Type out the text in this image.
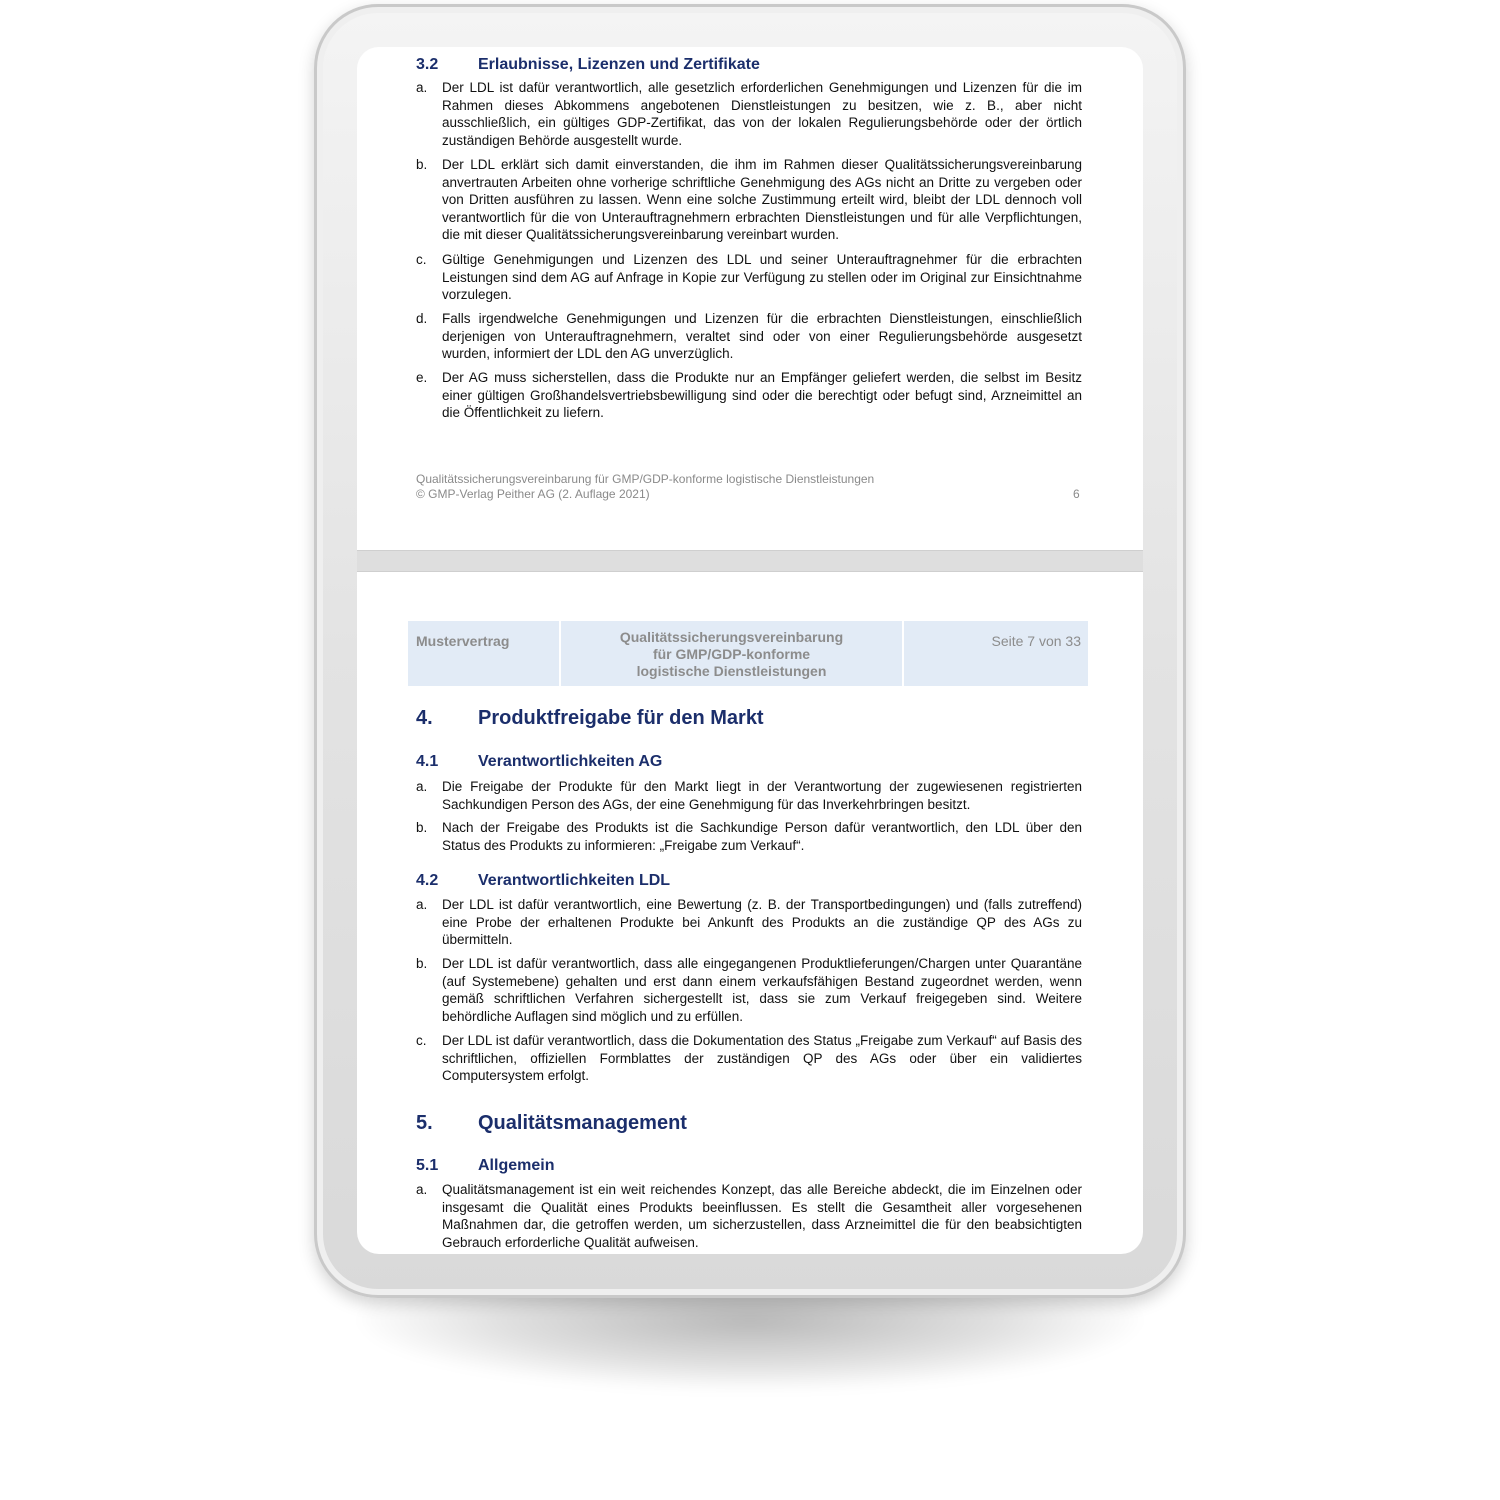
3.2 Erlaubnisse, Lizenzen und Zertifikate
a. Der LDL ist dafür verantwortlich, alle gesetzlich erforderlichen Genehmigungen und Lizenzen für die im Rahmen dieses Abkommens angebotenen Dienstleistungen zu besitzen, wie z. B., aber nicht ausschließlich, ein gültiges GDP-Zertifikat, das von der lokalen Regulierungsbehörde oder der örtlich zuständigen Behörde ausgestellt wurde.
b. Der LDL erklärt sich damit einverstanden, die ihm im Rahmen dieser Qualitätssicherungsvereinbarung anvertrauten Arbeiten ohne vorherige schriftliche Genehmigung des AGs nicht an Dritte zu vergeben oder von Dritten ausführen zu lassen. Wenn eine solche Zustimmung erteilt wird, bleibt der LDL dennoch voll verantwortlich für die von Unterauftragnehmern erbrachten Dienstleistungen und für alle Verpflichtungen, die mit dieser Qualitätssicherungsvereinbarung vereinbart wurden.
c. Gültige Genehmigungen und Lizenzen des LDL und seiner Unterauftragnehmer für die erbrachten Leistungen sind dem AG auf Anfrage in Kopie zur Verfügung zu stellen oder im Original zur Einsichtnahme vorzulegen.
d. Falls irgendwelche Genehmigungen und Lizenzen für die erbrachten Dienstleistungen, einschließlich derjenigen von Unterauftragnehmern, veraltet sind oder von einer Regulierungsbehörde ausgesetzt wurden, informiert der LDL den AG unverzüglich.
e. Der AG muss sicherstellen, dass die Produkte nur an Empfänger geliefert werden, die selbst im Besitz einer gültigen Großhandelsvertriebsbewilligung sind oder die berechtigt oder befugt sind, Arzneimittel an die Öffentlichkeit zu liefern.
Qualitätssicherungsvereinbarung für GMP/GDP-konforme logistische Dienstleistungen
© GMP-Verlag Peither AG (2. Auflage 2021)	6
Mustervertrag	Qualitätssicherungsvereinbarung
für GMP/GDP-konforme
logistische Dienstleistungen
Seite 7 von 33
4. Produktfreigabe für den Markt
4.1 Verantwortlichkeiten AG
a. Die Freigabe der Produkte für den Markt liegt in der Verantwortung der zugewiesenen registrierten Sachkundigen Person des AGs, der eine Genehmigung für das Inverkehrbringen besitzt.
b. Nach der Freigabe des Produkts ist die Sachkundige Person dafür verantwortlich, den LDL über den Status des Produkts zu informieren: „Freigabe zum Verkauf“.
4.2 Verantwortlichkeiten LDL
a. Der LDL ist dafür verantwortlich, eine Bewertung (z. B. der Transportbedingungen) und (falls zutreffend) eine Probe der erhaltenen Produkte bei Ankunft des Produkts an die zuständige QP des AGs zu übermitteln.
b. Der LDL ist dafür verantwortlich, dass alle eingegangenen Produktlieferungen/Chargen unter Quarantäne (auf Systemebene) gehalten und erst dann einem verkaufsfähigen Bestand zugeordnet werden, wenn gemäß schriftlichen Verfahren sichergestellt ist, dass sie zum Verkauf freigegeben sind. Weitere behördliche Auflagen sind möglich und zu erfüllen.
c. Der LDL ist dafür verantwortlich, dass die Dokumentation des Status „Freigabe zum Verkauf“ auf Basis des schriftlichen, offiziellen Formblattes der zuständigen QP des AGs oder über ein validiertes Computersystem erfolgt.
5. Qualitätsmanagement
5.1 Allgemein
a. Qualitätsmanagement ist ein weit reichendes Konzept, das alle Bereiche abdeckt, die im Einzelnen oder insgesamt die Qualität eines Produkts beeinflussen. Es stellt die Gesamtheit aller vorgesehenen Maßnahmen dar, die getroffen werden, um sicherzustellen, dass Arzneimittel die für den beabsichtigten Gebrauch erforderliche Qualität aufweisen.
